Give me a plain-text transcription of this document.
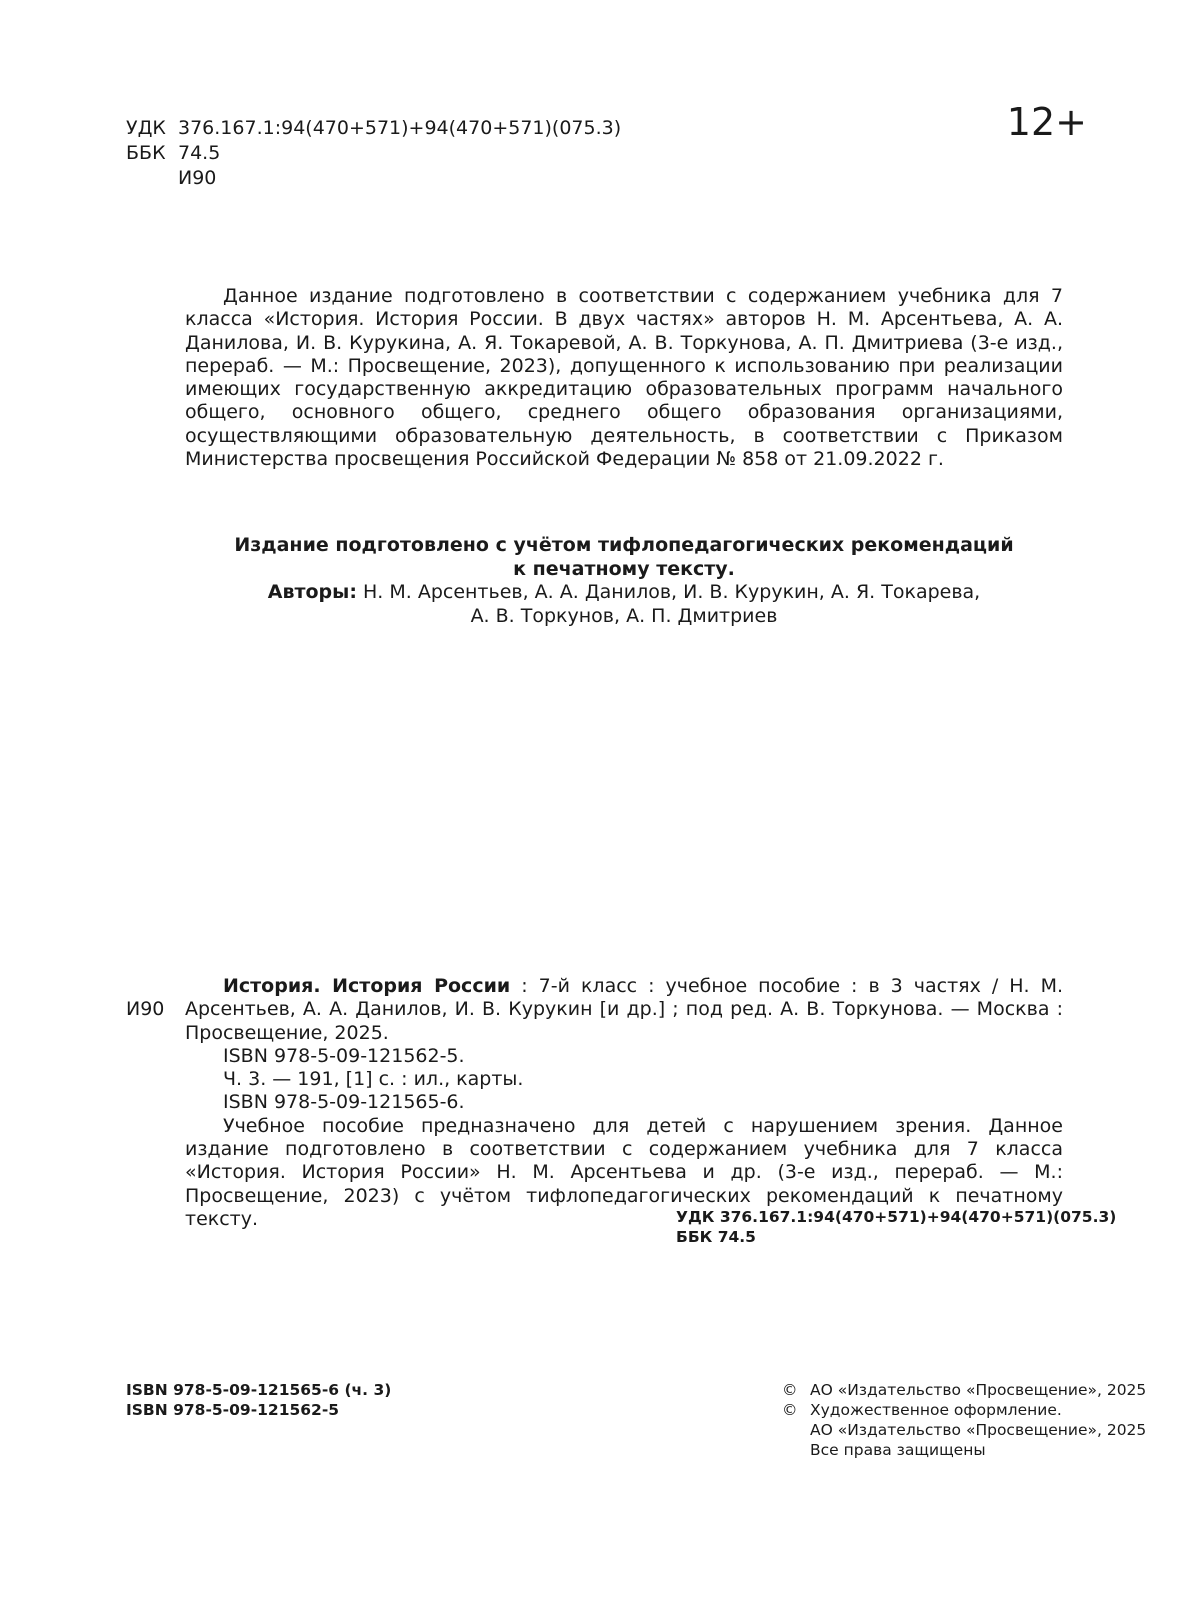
УДК 376.167.1:94(470+571)+94(470+571)(075.3)
ББК 74.5
И90
12+

Данное издание подготовлено в соответствии с содержанием учебника для 7 класса «История. История России. В двух частях» авторов Н. М. Арсентьева, А. А. Данилова, И. В. Курукина, А. Я. Токаревой, А. В. Торкунова, А. П. Дмитриева (3-е изд., перераб. — М.: Просвещение, 2023), допущенного к использованию при реализации имеющих государственную аккредитацию образовательных программ начального общего, основного общего, среднего общего образования организациями, осуществляющими образовательную деятельность, в соответствии с Приказом Министерства просвещения Российской Федерации № 858 от 21.09.2022 г.

Издание подготовлено с учётом тифлопедагогических рекомендаций

к печатному тексту.

Авторы: Н. М. Арсентьев, А. А. Данилов, И. В. Курукин, А. Я. Токарева,

А. В. Торкунов, А. П. Дмитриев

И90

История. История России : 7-й класс : учебное пособие : в 3 частях / Н. М. Арсентьев, А. А. Данилов, И. В. Курукин [и др.] ; под ред. А. В. Торкунова. — Москва : Просвещение, 2025.

ISBN 978-5-09-121562-5.

Ч. 3. — 191, [1] с. : ил., карты.

ISBN 978-5-09-121565-6.

Учебное пособие предназначено для детей с нарушением зрения. Данное издание подготовлено в соответствии с содержанием учебника для 7 класса «История. История России» Н. М. Арсентьева и др. (3-е изд., перераб. — М.: Просвещение, 2023) с учётом тифлопедагогических рекомендаций к печатному тексту.	УДК 376.167.1:94(470+571)+94(470+571)(075.3)
ББК 74.5
ISBN 978-5-09-121565-6 (ч. 3)
ISBN 978-5-09-121562-5
© АО «Издательство «Просвещение», 2025
© Художественное оформление.
АО «Издательство «Просвещение», 2025
Все права защищены
